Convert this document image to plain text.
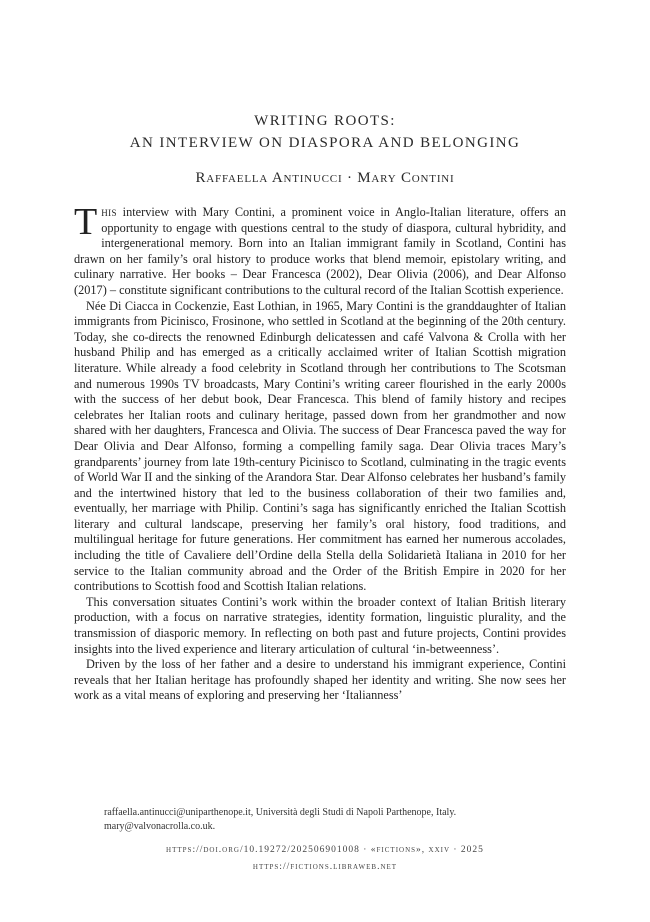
WRITING ROOTS:
AN INTERVIEW ON DIASPORA AND BELONGING
Raffaella Antinucci · Mary Contini

This interview with Mary Contini, a prominent voice in Anglo-Italian literature, offers an opportunity to engage with questions central to the study of diaspora, cultural hybridity, and intergenerational memory. Born into an Italian immigrant family in Scotland, Contini has drawn on her family’s oral history to produce works that blend memoir, epistolary writing, and culinary narrative. Her books – Dear Francesca (2002), Dear Olivia (2006), and Dear Alfonso (2017) – constitute significant contributions to the cultural record of the Italian Scottish experience.

Née Di Ciacca in Cockenzie, East Lothian, in 1965, Mary Contini is the granddaughter of Italian immigrants from Picinisco, Frosinone, who settled in Scotland at the beginning of the 20th century. Today, she co-directs the renowned Edinburgh delicatessen and café Valvona & Crolla with her husband Philip and has emerged as a critically acclaimed writer of Italian Scottish migration literature. While already a food celebrity in Scotland through her contributions to The Scotsman and numerous 1990s TV broadcasts, Mary Contini’s writing career flourished in the early 2000s with the success of her debut book, Dear Francesca. This blend of family history and recipes celebrates her Italian roots and culinary heritage, passed down from her grandmother and now shared with her daughters, Francesca and Olivia. The success of Dear Francesca paved the way for Dear Olivia and Dear Alfonso, forming a compelling family saga. Dear Olivia traces Mary’s grandparents’ journey from late 19th-century Picinisco to Scotland, culminating in the tragic events of World War II and the sinking of the Arandora Star. Dear Alfonso celebrates her husband’s family and the intertwined history that led to the business collaboration of their two families and, eventually, her marriage with Philip. Contini’s saga has significantly enriched the Italian Scottish literary and cultural landscape, preserving her family’s oral history, food traditions, and multilingual heritage for future generations. Her commitment has earned her numerous accolades, including the title of Cavaliere dell’Ordine della Stella della Solidarietà Italiana in 2010 for her service to the Italian community abroad and the Order of the British Empire in 2020 for her contributions to Scottish food and Scottish Italian relations.

This conversation situates Contini’s work within the broader context of Italian British literary production, with a focus on narrative strategies, identity formation, linguistic plurality, and the transmission of diasporic memory. In reflecting on both past and future projects, Contini provides insights into the lived experience and literary articulation of cultural ‘in-betweenness’.

Driven by the loss of her father and a desire to understand his immigrant experience, Contini reveals that her Italian heritage has profoundly shaped her identity and writing. She now sees her work as a vital means of exploring and preserving her ‘Italianness’

raffaella.antinucci@uniparthenope.it, Università degli Studi di Napoli Parthenope, Italy.
mary@valvonacrolla.co.uk.
https://doi.org/10.19272/202506901008 · «fictions», xxiv · 2025
https://fictions.libraweb.net
